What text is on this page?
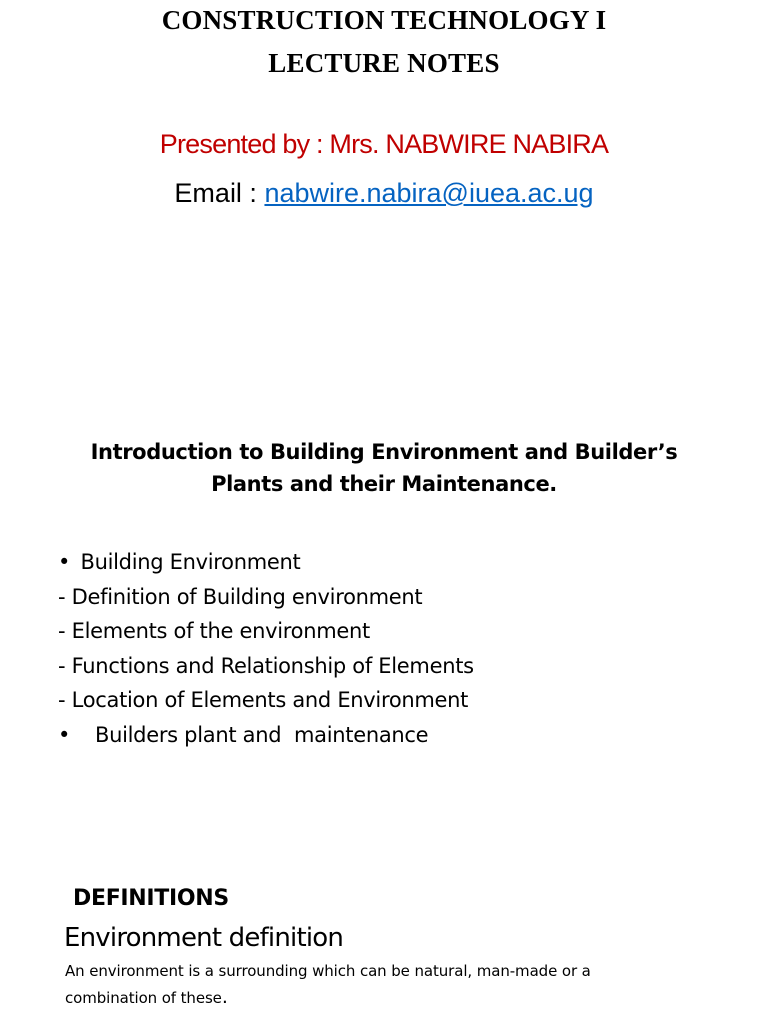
CONSTRUCTION TECHNOLOGY I
LECTURE NOTES
Presented by : Mrs. NABWIRE NABIRA
Email : nabwire.nabira@iuea.ac.ug
Introduction to Building Environment and Builder’s
Plants and their Maintenance.
• Building Environment
- Definition of Building environment
- Elements of the environment
- Functions and Relationship of Elements
- Location of Elements and Environment
• Builders plant and  maintenance
DEFINITIONS
Environment definition
An environment is a surrounding which can be natural, man-made or a
combination of these.
